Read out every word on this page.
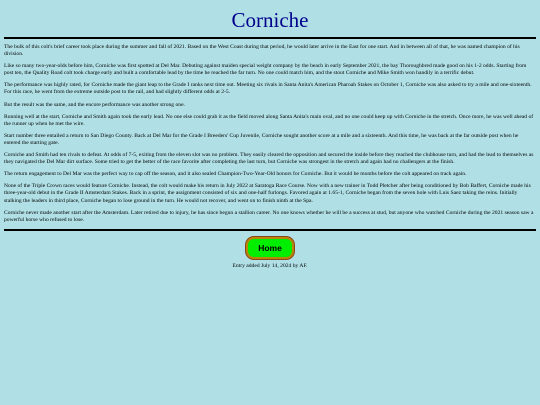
Corniche

The bulk of this colt's brief career took place during the summer and fall of 2021. Based on the West Coast during that period, he would later arrive in the East for one start. And in between all of that, he was named champion of his division.

Like so many two-year-olds before him, Corniche was first spotted at Del Mar. Debuting against maiden special weight company by the beach in early September 2021, the bay Thoroughbred made good on his 1-2 odds. Starting from post ten, the Quality Road colt took charge early and built a comfortable lead by the time he reached the far turn. No one could match him, and the stout Corniche and Mike Smith won handily in a terrific debut.

The performance was highly rated, for Corniche made the giant leap to the Grade I ranks next time out. Meeting six rivals in Santa Anita's American Pharoah Stakes on October 1, Corniche was also asked to try a mile and one-sixteenth. For this race, he went from the extreme outside post to the rail, and had slightly different odds at 2-5.

But the result was the same, and the encore performance was another strong one.

Running well at the start, Corniche and Smith again took the early lead. No one else could grab it as the field moved along Santa Anita's main oval, and no one could keep up with Corniche in the stretch. Once more, he was well ahead of the runner up when he met the wire.

Start number three entailed a return to San Diego County. Back at Del Mar for the Grade I Breeders' Cup Juvenile, Corniche sought another score at a mile and a sixteenth. And this time, he was back at the far outside post when he entered the starting gate.

Corniche and Smith had ten rivals to defeat. At odds of 7-5, exiting from the eleven slot was no problem. They easily cleared the opposition and secured the inside before they reached the clubhouse turn, and had the lead to themselves as they navigated the Del Mar dirt surface. Some tried to get the better of the race favorite after completing the last turn, but Corniche was strongest in the stretch and again had no challengers at the finish.

The return engagement to Del Mar was the perfect way to cap off the season, and it also sealed Champion-Two-Year-Old honors for Corniche. But it would be months before the colt appeared on track again.

None of the Triple Crown races would feature Corniche. Instead, the colt would make his return in July 2022 at Saratoga Race Course. Now with a new trainer in Todd Pletcher after being conditioned by Bob Baffert, Corniche made his three-year-old debut in the Grade II Amsterdam Stakes. Back in a sprint, the assignment consisted of six and one-half furlongs. Favored again at 1.65-1, Corniche began from the seven hole with Luis Saez taking the reins. Initially stalking the leaders in third place, Corniche began to lose ground in the turn. He would not recover, and went on to finish ninth at the Spa.

Corniche never made another start after the Amsterdam. Later retired due to injury, he has since begun a stallion career. No one knows whether he will be a success at stud, but anyone who watched Corniche during the 2021 season saw a powerful horse who refused to lose.

Home
Entry added July 14, 2024 by AF.
